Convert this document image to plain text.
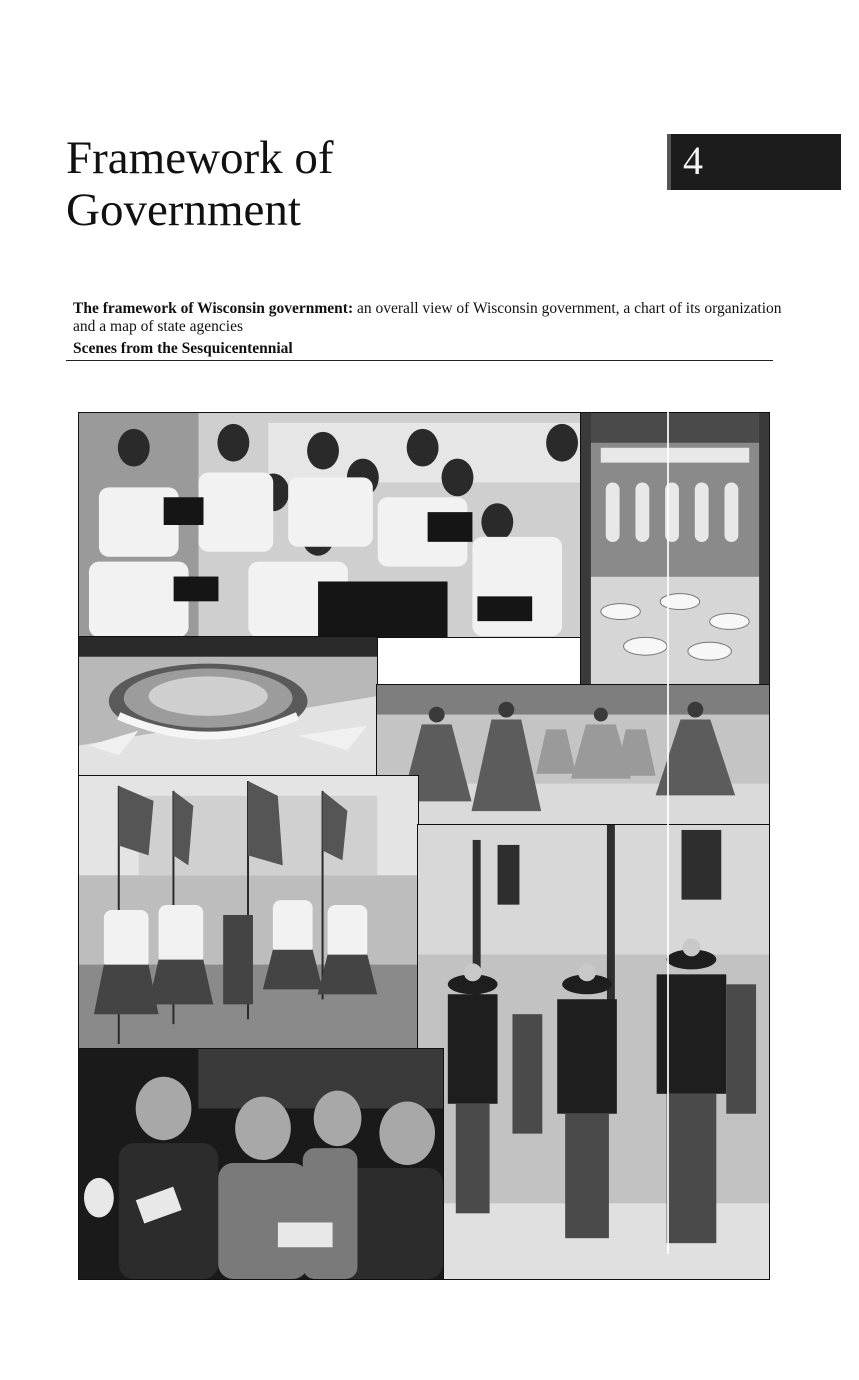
Framework of
Government
4

The framework of Wisconsin government: an overall view of Wisconsin government, a chart of its organization and a map of state agencies

Scenes from the Sesquicentennial
